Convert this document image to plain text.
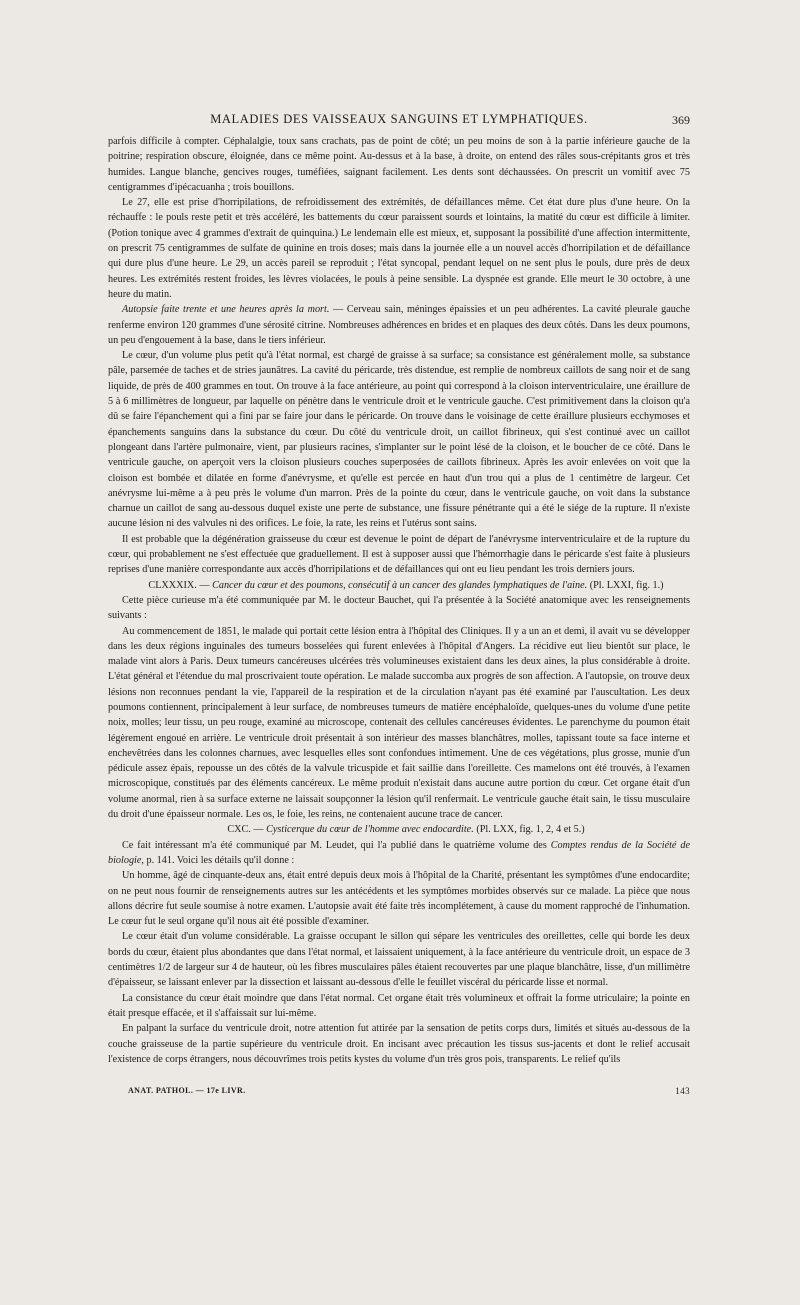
MALADIES DES VAISSEAUX SANGUINS ET LYMPHATIQUES.	369

parfois difficile à compter. Céphalalgie, toux sans crachats, pas de point de côté; un peu moins de son à la partie inférieure gauche de la poitrine; respiration obscure, éloignée, dans ce même point. Au-dessus et à la base, à droite, on entend des râles sous-crépitants gros et très humides. Langue blanche, gencives rouges, tuméfiées, saignant facilement. Les dents sont déchaussées. On prescrit un vomitif avec 75 centigrammes d'ipécacuanha ; trois bouillons.

Le 27, elle est prise d'horripilations, de refroidissement des extrémités, de défaillances même. Cet état dure plus d'une heure. On la réchauffe : le pouls reste petit et très accéléré, les battements du cœur paraissent sourds et lointains, la matité du cœur est difficile à limiter. (Potion tonique avec 4 grammes d'extrait de quinquina.) Le lendemain elle est mieux, et, supposant la possibilité d'une affection intermittente, on prescrit 75 centigrammes de sulfate de quinine en trois doses; mais dans la journée elle a un nouvel accès d'horripilation et de défaillance qui dure plus d'une heure. Le 29, un accès pareil se reproduit ; l'état syncopal, pendant lequel on ne sent plus le pouls, dure près de deux heures. Les extrémités restent froides, les lèvres violacées, le pouls à peine sensible. La dyspnée est grande. Elle meurt le 30 octobre, à une heure du matin.

Autopsie faite trente et une heures après la mort. — Cerveau sain, méninges épaissies et un peu adhérentes. La cavité pleurale gauche renferme environ 120 grammes d'une sérosité citrine. Nombreuses adhérences en brides et en plaques des deux côtés. Dans les deux poumons, un peu d'engouement à la base, dans le tiers inférieur.

Le cœur, d'un volume plus petit qu'à l'état normal, est chargé de graisse à sa surface; sa consistance est généralement molle, sa substance pâle, parsemée de taches et de stries jaunâtres. La cavité du péricarde, très distendue, est remplie de nombreux caillots de sang noir et de sang liquide, de près de 400 grammes en tout. On trouve à la face antérieure, au point qui correspond à la cloison interventriculaire, une éraillure de 5 à 6 millimètres de longueur, par laquelle on pénètre dans le ventricule droit et le ventricule gauche. C'est primitivement dans la cloison qu'a dû se faire l'épanchement qui a fini par se faire jour dans le péricarde. On trouve dans le voisinage de cette éraillure plusieurs ecchymoses et épanchements sanguins dans la substance du cœur. Du côté du ventricule droit, un caillot fibrineux, qui s'est continué avec un caillot plongeant dans l'artère pulmonaire, vient, par plusieurs racines, s'implanter sur le point lésé de la cloison, et le boucher de ce côté. Dans le ventricule gauche, on aperçoit vers la cloison plusieurs couches superposées de caillots fibrineux. Après les avoir enlevées on voit que la cloison est bombée et dilatée en forme d'anévrysme, et qu'elle est percée en haut d'un trou qui a plus de 1 centimètre de largeur. Cet anévrysme lui-même a à peu près le volume d'un marron. Près de la pointe du cœur, dans le ventricule gauche, on voit dans la substance charnue un caillot de sang au-dessous duquel existe une perte de substance, une fissure pénétrante qui a été le siége de la rupture. Il n'existe aucune lésion ni des valvules ni des orifices. Le foie, la rate, les reins et l'utérus sont sains.

Il est probable que la dégénération graisseuse du cœur est devenue le point de départ de l'anévrysme interventriculaire et de la rupture du cœur, qui probablement ne s'est effectuée que graduellement. Il est à supposer aussi que l'hémorrhagie dans le péricarde s'est faite à plusieurs reprises d'une manière correspondante aux accès d'horripilations et de défaillances qui ont eu lieu pendant les trois derniers jours.

CLXXXIX. — Cancer du cœur et des poumons, consécutif à un cancer des glandes lymphatiques de l'aine. (Pl. LXXI, fig. 1.)

Cette pièce curieuse m'a été communiquée par M. le docteur Bauchet, qui l'a présentée à la Société anatomique avec les renseignements suivants :

Au commencement de 1851, le malade qui portait cette lésion entra à l'hôpital des Cliniques. Il y a un an et demi, il avait vu se développer dans les deux régions inguinales des tumeurs bosselées qui furent enlevées à l'hôpital d'Angers. La récidive eut lieu bientôt sur place, le malade vint alors à Paris. Deux tumeurs cancéreuses ulcérées très volumineuses existaient dans les deux aines, la plus considérable à droite. L'état général et l'étendue du mal proscrivaient toute opération. Le malade succomba aux progrès de son affection. A l'autopsie, on trouve deux lésions non reconnues pendant la vie, l'appareil de la respiration et de la circulation n'ayant pas été examiné par l'auscultation. Les deux poumons contiennent, principalement à leur surface, de nombreuses tumeurs de matière encéphaloïde, quelques-unes du volume d'une petite noix, molles; leur tissu, un peu rouge, examiné au microscope, contenait des cellules cancéreuses évidentes. Le parenchyme du poumon était légèrement engoué en arrière. Le ventricule droit présentait à son intérieur des masses blanchâtres, molles, tapissant toute sa face interne et enchevêtrées dans les colonnes charnues, avec lesquelles elles sont confondues intimement. Une de ces végétations, plus grosse, munie d'un pédicule assez épais, repousse un des côtés de la valvule tricuspide et fait saillie dans l'oreillette. Ces mamelons ont été trouvés, à l'examen microscopique, constitués par des éléments cancéreux. Le même produit n'existait dans aucune autre portion du cœur. Cet organe était d'un volume anormal, rien à sa surface externe ne laissait soupçonner la lésion qu'il renfermait. Le ventricule gauche était sain, le tissu musculaire du droit d'une épaisseur normale. Les os, le foie, les reins, ne contenaient aucune trace de cancer.

CXC. — Cysticerque du cœur de l'homme avec endocardite. (Pl. LXX, fig. 1, 2, 4 et 5.)

Ce fait intéressant m'a été communiqué par M. Leudet, qui l'a publié dans le quatrième volume des Comptes rendus de la Société de biologie, p. 141. Voici les détails qu'il donne :

Un homme, âgé de cinquante-deux ans, était entré depuis deux mois à l'hôpital de la Charité, présentant les symptômes d'une endocardite; on ne peut nous fournir de renseignements autres sur les antécédents et les symptômes morbides observés sur ce malade. La pièce que nous allons décrire fut seule soumise à notre examen. L'autopsie avait été faite très incomplétement, à cause du moment rapproché de l'inhumation. Le cœur fut le seul organe qu'il nous ait été possible d'examiner.

Le cœur était d'un volume considérable. La graisse occupant le sillon qui sépare les ventricules des oreillettes, celle qui borde les deux bords du cœur, étaient plus abondantes que dans l'état normal, et laissaient uniquement, à la face antérieure du ventricule droit, un espace de 3 centimètres 1/2 de largeur sur 4 de hauteur, où les fibres musculaires pâles étaient recouvertes par une plaque blanchâtre, lisse, d'un millimètre d'épaisseur, se laissant enlever par la dissection et laissant au-dessous d'elle le feuillet viscéral du péricarde lisse et normal.

La consistance du cœur était moindre que dans l'état normal. Cet organe était très volumineux et offrait la forme utriculaire; la pointe en était presque effacée, et il s'affaissait sur lui-même.

En palpant la surface du ventricule droit, notre attention fut attirée par la sensation de petits corps durs, limités et situés au-dessous de la couche graisseuse de la partie supérieure du ventricule droit. En incisant avec précaution les tissus sus-jacents et dont le relief accusait l'existence de corps étrangers, nous découvrîmes trois petits kystes du volume d'un très gros pois, transparents. Le relief qu'ils

ANAT. PATHOL. — 17e LIVR.	143
